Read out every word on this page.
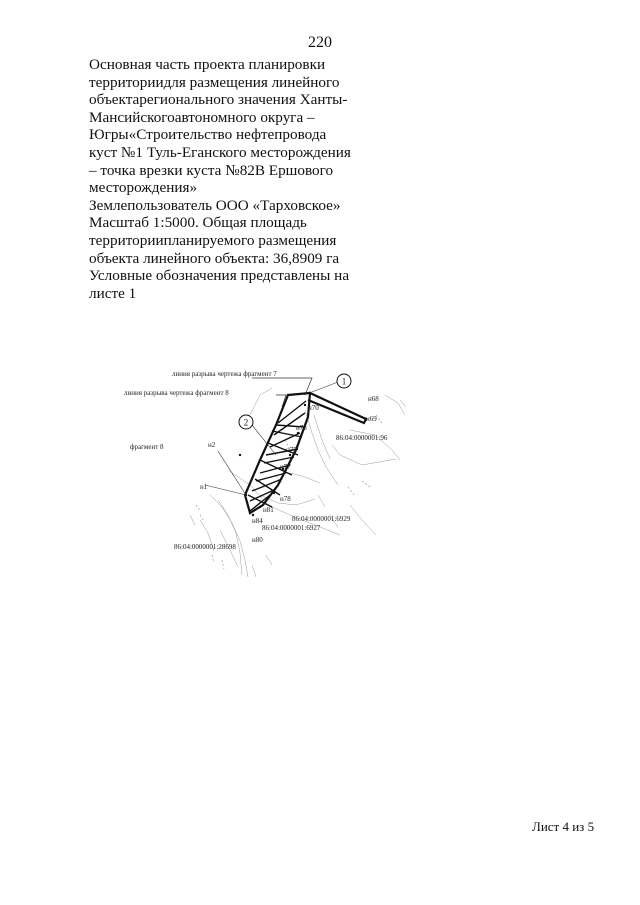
220
Основная часть проекта планировки
территориидля размещения линейного
объектарегионального значения Ханты-
Мансийскогоавтономного округа –
Югры«Строительство нефтепровода
куст №1 Туль-Еганского месторождения
– точка врезки куста №82В Ершового
месторождения»
Землепользователь ООО «Тарховское»
Масштаб 1:5000. Общая площадь
территориипланируемого размещения
объекта линейного объекта: 36,8909 га
Условные обозначения представлены на
листе 1
1
2
линия разрыва чертежа фрагмент 7
линия разрыва чертежа фрагмент 8
фрагмент 8	н2
н1
н68
н69
н70
н73
н75
н77
н78
н81
н84
н80
86:04:0000001:96
86:04:0000001:6929
86:04:0000001:6927
86:04:0000001:28698
Лист 4 из 5
